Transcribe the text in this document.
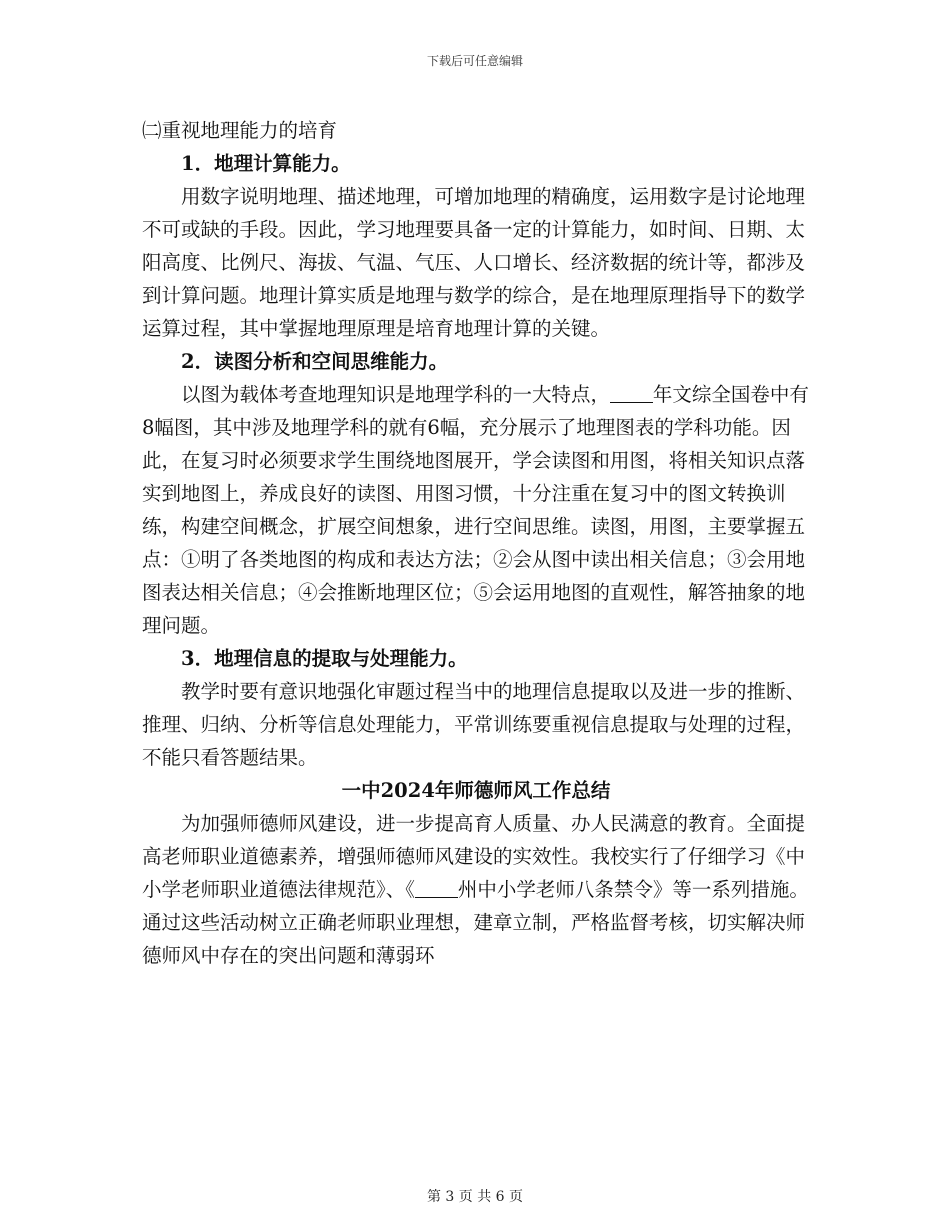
下载后可任意编辑

㈡重视地理能力的培育

1．地理计算能力。

用数字说明地理、描述地理，可增加地理的精确度，运用数字是讨论地理不可或缺的手段。因此，学习地理要具备一定的计算能力，如时间、日期、太阳高度、比例尺、海拔、气温、气压、人口增长、经济数据的统计等，都涉及到计算问题。地理计算实质是地理与数学的综合，是在地理原理指导下的数学运算过程，其中掌握地理原理是培育地理计算的关键。

2．读图分析和空间思维能力。

以图为载体考查地理知识是地理学科的一大特点， 年文综全国卷中有8幅图，其中涉及地理学科的就有6幅，充分展示了地理图表的学科功能。因此，在复习时必须要求学生围绕地图展开，学会读图和用图，将相关知识点落实到地图上，养成良好的读图、用图习惯，十分注重在复习中的图文转换训练，构建空间概念，扩展空间想象，进行空间思维。读图，用图，主要掌握五点：①明了各类地图的构成和表达方法；②会从图中读出相关信息；③会用地图表达相关信息；④会推断地理区位；⑤会运用地图的直观性，解答抽象的地理问题。

3．地理信息的提取与处理能力。

教学时要有意识地强化审题过程当中的地理信息提取以及进一步的推断、推理、归纳、分析等信息处理能力，平常训练要重视信息提取与处理的过程，不能只看答题结果。

一中2024年师德师风工作总结

为加强师德师风建设，进一步提高育人质量、办人民满意的教育。全面提高老师职业道德素养，增强师德师风建设的实效性。我校实行了仔细学习《中小学老师职业道德法律规范》、《 州中小学老师八条禁令》等一系列措施。通过这些活动树立正确老师职业理想，建章立制，严格监督考核，切实解决师德师风中存在的突出问题和薄弱环

第 3 页 共 6 页
